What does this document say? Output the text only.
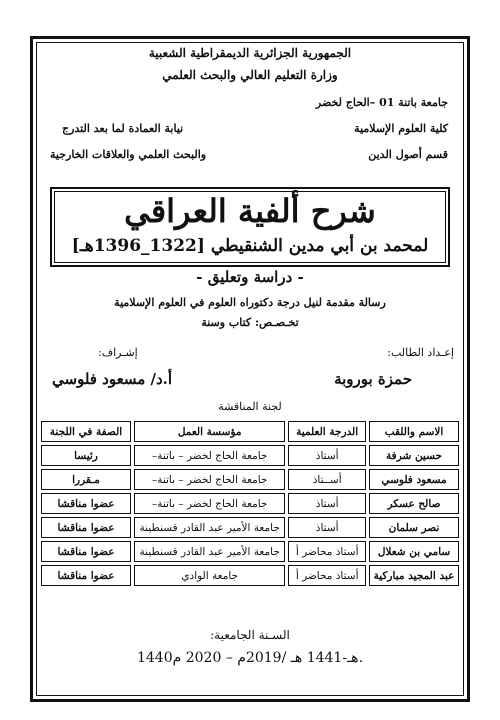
الجمهورية الجزائرية الديمقراطية الشعبية
وزارة التعليم العالي والبحث العلمي
جامعة باتنة 01 –الحاج لخضر
كلية العلوم الإسلامية
قسم أصول الدين
نيابة العمادة لما بعد التدرج
والبحث العلمي والعلاقات الخارجية
شرح ألفية العراقي
لمحمد بن أبي مدين الشنقيطي [1322_1396هـ]
- دراسة وتعليق -
رسالة مقدمة لنيل درجة دكتوراه العلوم في العلوم الإسلامية
تخـصـص: كتاب وسنة
إعـداد الطالب:
حمزة بوروبة
إشـراف:
أ.د/ مسعود فلوسي
لجنة المناقشة
الاسم واللقب	الدرجة العلمية	مؤسسة العمل	الصفة في اللجنة
حسين شرفة	أستاذ	جامعة الحاج لخضر – باتنة–	رئيسا
مسعود فلوسي	أســتاذ	جامعة الحاج لخضر – باتنة–	مـقررا
صالح عسكر	أستاذ	جامعة الحاج لخضر – باتنة–	عضوا مناقشا
نصر سلمان	أستاذ	جامعة الأمير عبد القادر قسنطينة	عضوا مناقشا
سامي بن شعلال	أستاذ محاضر أ	جامعة الأمير عبد القادر قسنطينة	عضوا مناقشا
عبد المجيد مباركية	أستاذ محاضر أ	جامعة الوادي	عضوا مناقشا
السـنة الجامعية:
1440هـ-1441 هـ /2019م – 2020 م.
